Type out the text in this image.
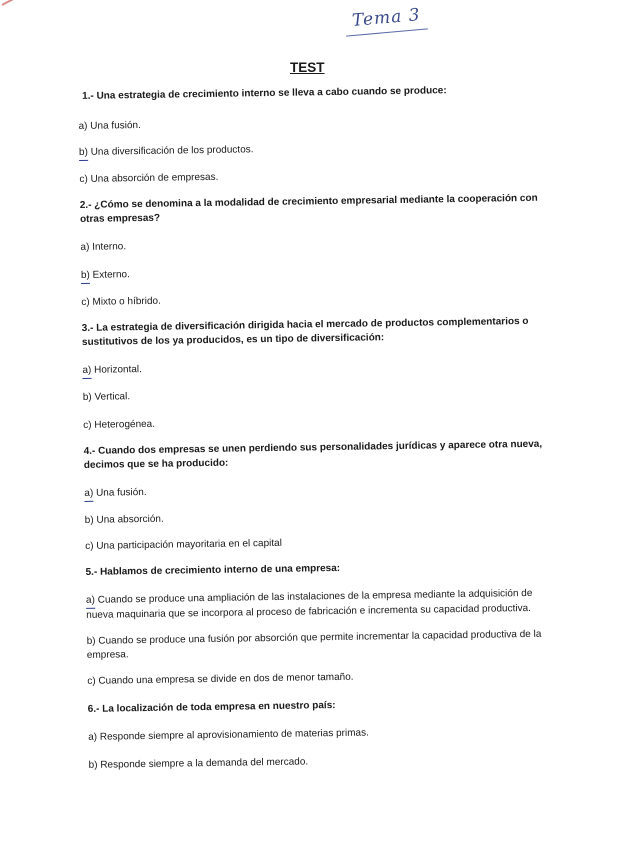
Tema 3
TEST

1.- Una estrategia de crecimiento interno se lleva a cabo cuando se produce:

a) Una fusión.

b) Una diversificación de los productos.

c) Una absorción de empresas.

2.- ¿Cómo se denomina a la modalidad de crecimiento empresarial mediante la cooperación con otras empresas?

a) Interno.

b) Externo.

c) Mixto o híbrido.

3.- La estrategia de diversificación dirigida hacia el mercado de productos complementarios o sustitutivos de los ya producidos, es un tipo de diversificación:

a) Horizontal.

b) Vertical.

c) Heterogénea.

4.- Cuando dos empresas se unen perdiendo sus personalidades jurídicas y aparece otra nueva, decimos que se ha producido:

a) Una fusión.

b) Una absorción.

c) Una participación mayoritaria en el capital

5.- Hablamos de crecimiento interno de una empresa:

a) Cuando se produce una ampliación de las instalaciones de la empresa mediante la adquisición de nueva maquinaria que se incorpora al proceso de fabricación e incrementa su capacidad productiva.

b) Cuando se produce una fusión por absorción que permite incrementar la capacidad productiva de la empresa.

c) Cuando una empresa se divide en dos de menor tamaño.

6.- La localización de toda empresa en nuestro país:

a) Responde siempre al aprovisionamiento de materias primas.

b) Responde siempre a la demanda del mercado.
